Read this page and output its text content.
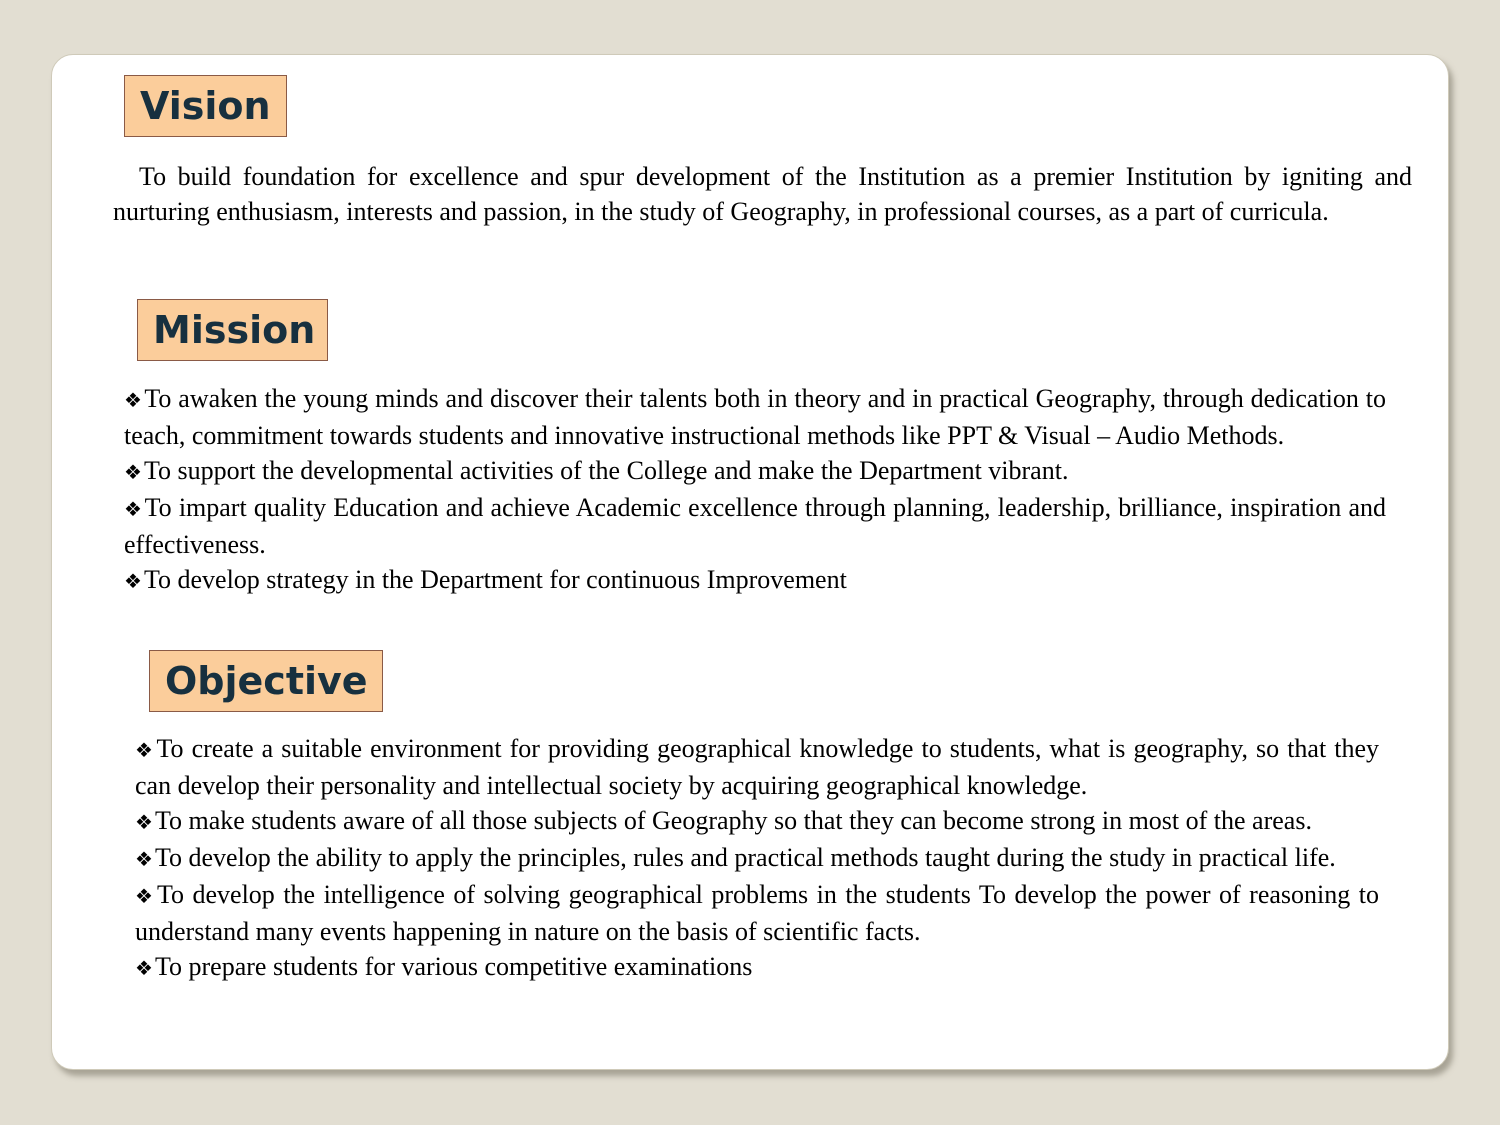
Vision

To build foundation for excellence and spur development of the Institution as a premier Institution by igniting and nurturing enthusiasm, interests and passion, in the study of Geography, in professional courses, as a part of curricula.

Mission
❖To awaken the young minds and discover their talents both in theory and in practical Geography, through dedication to teach, commitment towards students and innovative instructional methods like PPT & Visual – Audio Methods.
❖To support the developmental activities of the College and make the Department vibrant.
❖To impart quality Education and achieve Academic excellence through planning, leadership, brilliance, inspiration and effectiveness.
❖To develop strategy in the Department for continuous Improvement
Objective
❖To create a suitable environment for providing geographical knowledge to students, what is geography, so that they can develop their personality and intellectual society by acquiring geographical knowledge.
❖To make students aware of all those subjects of Geography so that they can become strong in most of the areas.
❖To develop the ability to apply the principles, rules and practical methods taught during the study in practical life.
❖To develop the intelligence of solving geographical problems in the students To develop the power of reasoning to understand many events happening in nature on the basis of scientific facts.
❖To prepare students for various competitive examinations
